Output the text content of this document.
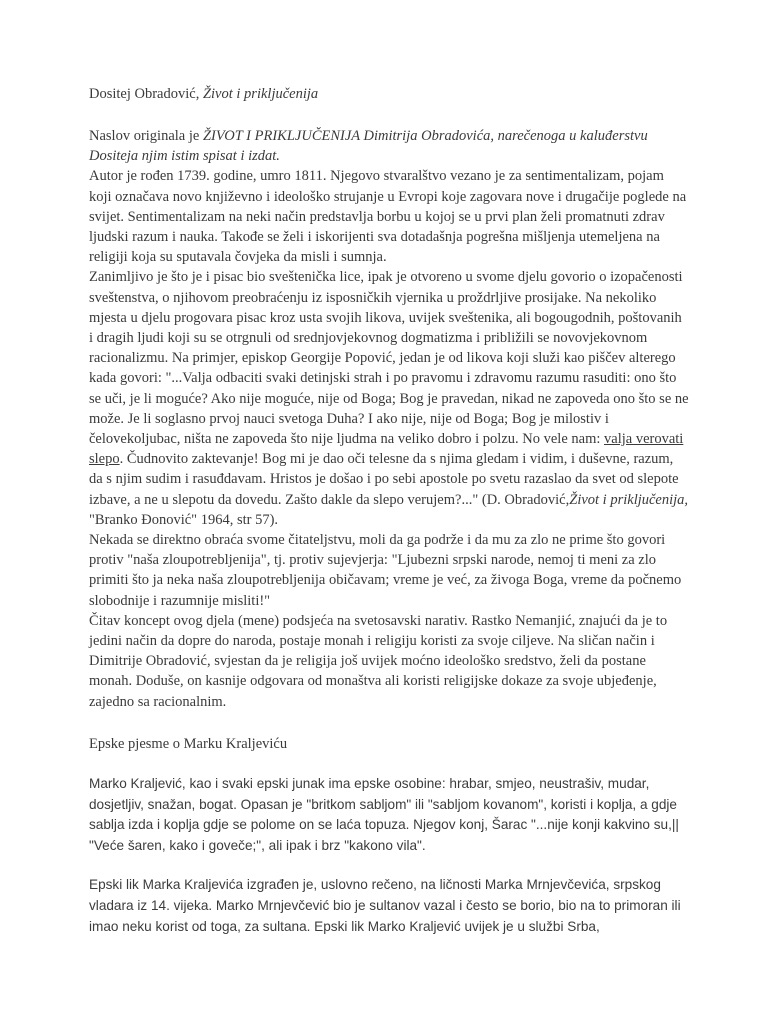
Dositej Obradović, Život i priključenija

Naslov originala je ŽIVOT I PRIKLJUČENIJA Dimitrija Obradovića, narečenoga u kaluđerstvu Dositeja njim istim spisat i izdat.

Autor je rođen 1739. godine, umro 1811. Njegovo stvaralštvo vezano je za sentimentalizam, pojam koji označava novo književno i ideološko strujanje u Evropi koje zagovara nove i drugačije poglede na svijet. Sentimentalizam na neki način predstavlja borbu u kojoj se u prvi plan želi promatnuti zdrav ljudski razum i nauka. Takođe se želi i iskorijenti sva dotadašnja pogrešna mišljenja utemeljena na religiji koja su sputavala čovjeka da misli i sumnja.

Zanimljivo je što je i pisac bio sveštenička lice, ipak je otvoreno u svome djelu govorio o izopačenosti sveštenstva, o njihovom preobraćenju iz isposničkih vjernika u proždrljive prosijake. Na nekoliko mjesta u djelu progovara pisac kroz usta svojih likova, uvijek sveštenika, ali bogougodnih, poštovanih i dragih ljudi koji su se otrgnuli od srednjovjekovnog dogmatizma i približili se novovjekovnom racionalizmu. Na primjer, episkop Georgije Popović, jedan je od likova koji služi kao piščev alterego kada govori: "...Valja odbaciti svaki detinjski strah i po pravomu i zdravomu razumu rasuditi: ono što se uči, je li moguće? Ako nije moguće, nije od Boga; Bog je pravedan, nikad ne zapoveda ono što se ne može. Je li soglasno prvoj nauci svetoga Duha? I ako nije, nije od Boga; Bog je milostiv i čelovekoljubac, ništa ne zapoveda što nije ljudma na veliko dobro i polzu. No vele nam: valja verovati slepo. Čudnovito zaktevanje! Bog mi je dao oči telesne da s njima gledam i vidim, i duševne, razum, da s njim sudim i rasuđdavam. Hristos je došao i po sebi apostole po svetu razaslao da svet od slepote izbave, a ne u slepotu da dovedu. Zašto dakle da slepo verujem?..." (D. Obradović,Život i priključenija, "Branko Đonović" 1964, str 57).

Nekada se direktno obraća svome čitateljstvu, moli da ga podrže i da mu za zlo ne prime što govori protiv "naša zloupotrebljenija", tj. protiv sujevjerja: "Ljubezni srpski narode, nemoj ti meni za zlo primiti što ja neka naša zloupotrebljenija običavam; vreme je već, za živoga Boga, vreme da počnemo slobodnije i razumnije misliti!"

Čitav koncept ovog djela (mene) podsjeća na svetosavski narativ. Rastko Nemanjić, znajući da je to jedini način da dopre do naroda, postaje monah i religiju koristi za svoje ciljeve. Na sličan način i Dimitrije Obradović, svjestan da je religija još uvijek moćno ideološko sredstvo, želi da postane monah. Doduše, on kasnije odgovara od monaštva ali koristi religijske dokaze za svoje ubjeđenje, zajedno sa racionalnim.

Epske pjesme o Marku Kraljeviću

Marko Kraljević, kao i svaki epski junak ima epske osobine: hrabar, smjeo, neustrašiv, mudar, dosjetljiv, snažan, bogat. Opasan je "britkom sabljom" ili "sabljom kovanom", koristi i koplja, a gdje sablja izda i koplja gdje se polome on se laća topuza. Njegov konj, Šarac "...nije konji kakvino su,|| "Veće šaren, kako i goveče;", ali ipak i brz "kakono vila".

Epski lik Marka Kraljevića izgrađen je, uslovno rečeno, na ličnosti Marka Mrnjevčevića, srpskog vladara iz 14. vijeka. Marko Mrnjevčević bio je sultanov vazal i često se borio, bio na to primoran ili imao neku korist od toga, za sultana. Epski lik Marko Kraljević uvijek je u službi Srba,
